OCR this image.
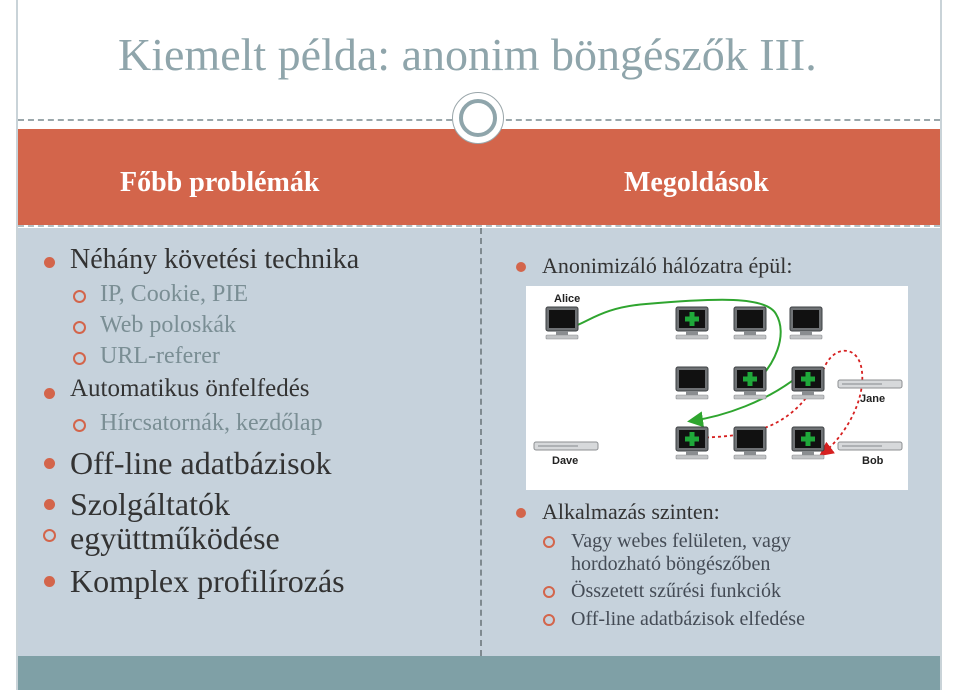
Kiemelt példa: anonim böngészők III.
Főbb problémák	Megoldások
Néhány követési technika
IP, Cookie, PIE
Web poloskák
URL-referer
Automatikus önfelfedés
Hírcsatornák, kezdőlap
Off-line adatbázisok
Szolgáltatók
együttműködése
Komplex profilírozás
Anonimizáló hálózatra épül:
Alice
Jane
Dave	Bob
Alkalmazás szinten:
Vagy webes felületen, vagy
hordozható böngészőben
Összetett szűrési funkciók
Off-line adatbázisok elfedése
